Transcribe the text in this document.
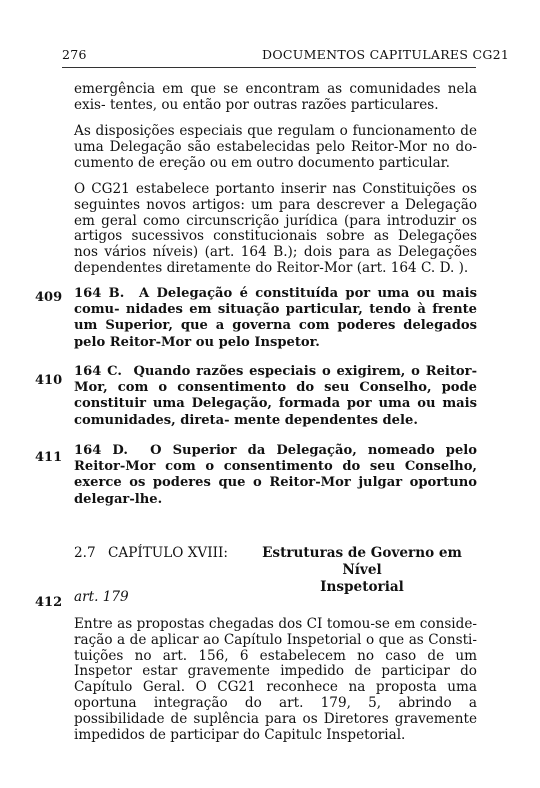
276	DOCUMENTOS CAPITULARES CG21

emergência em que se encontram as comunidades nela exis- tentes, ou então por outras razões particulares.

As disposições especiais que regulam o funcionamento de uma Delegação são estabelecidas pelo Reitor-Mor no do- cumento de ereção ou em outro documento particular.

O CG21 estabelece portanto inserir nas Constituições os seguintes novos artigos: um para descrever a Delegação em geral como circunscrição jurídica (para introduzir os artigos sucessivos constitucionais sobre as Delegações nos vários níveis) (art. 164 B.); dois para as Delegações dependentes diretamente do Reitor-Mor (art. 164 C. D. ).

409 164 B. A Delegação é constituída por uma ou mais comu- nidades em situação particular, tendo à frente um Superior, que a governa com poderes delegados pelo Reitor-Mor ou pelo Inspetor.

410

164 C. Quando razões especiais o exigirem, o Reitor-Mor, com o consentimento do seu Conselho, pode constituir uma Delegação, formada por uma ou mais comunidades, direta- mente dependentes dele.

411 164 D. O Superior da Delegação, nomeado pelo Reitor-Mor com o consentimento do seu Conselho, exerce os poderes que o Reitor-Mor julgar oportuno delegar-lhe.

2.7 CAPÍTULO XVIII:	Estruturas de Governo em Nível
Inspetorial
412 art. 179

Entre as propostas chegadas dos CI tomou-se em conside- ração a de aplicar ao Capítulo Inspetorial o que as Consti- tuições no art. 156, 6 estabelecem no caso de um Inspetor estar gravemente impedido de participar do Capítulo Geral. O CG21 reconhece na proposta uma oportuna integração do art. 179, 5, abrindo a possibilidade de suplência para os Diretores gravemente impedidos de participar do Capitulc Inspetorial.
